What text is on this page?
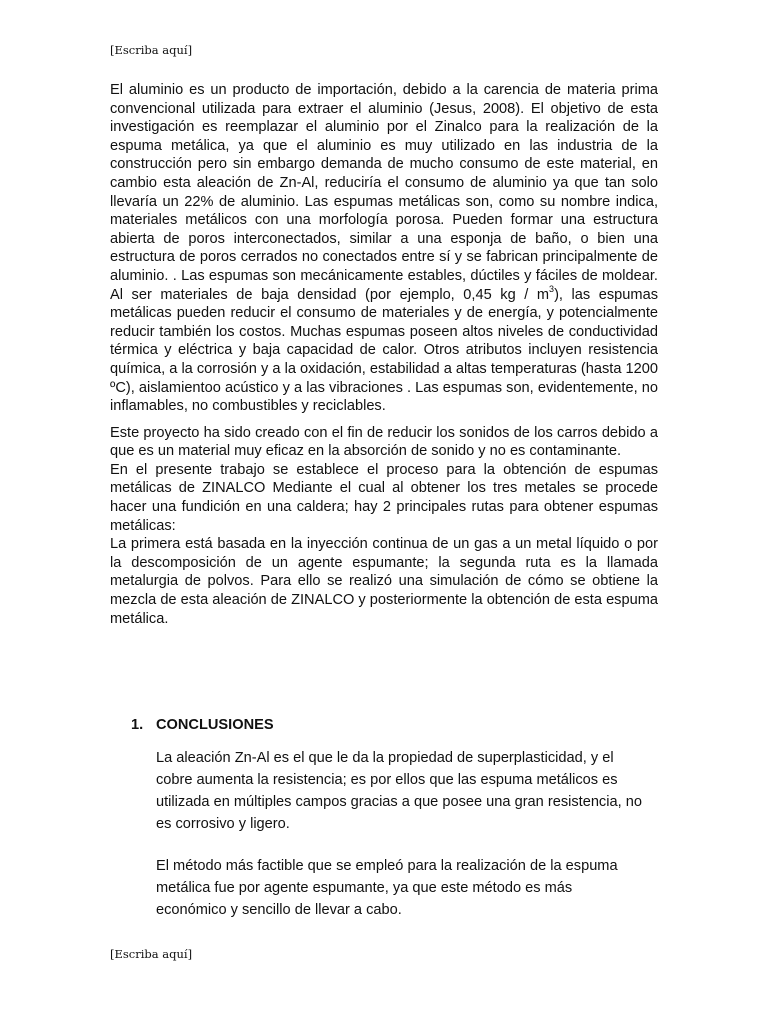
[Escriba aquí]

El aluminio es un producto de importación, debido a la carencia de materia prima convencional utilizada para extraer el aluminio (Jesus, 2008). El objetivo de esta investigación es reemplazar el aluminio por el Zinalco para la realización de la espuma metálica, ya que el aluminio es muy utilizado en las industria de la construcción pero sin embargo demanda de mucho consumo de este material, en cambio esta aleación de Zn-Al, reduciría el consumo de aluminio ya que tan solo llevaría un 22% de aluminio. Las espumas metálicas son, como su nombre indica, materiales metálicos con una morfología porosa. Pueden formar una estructura abierta de poros interconectados, similar a una esponja de baño, o bien una estructura de poros cerrados no conectados entre sí y se fabrican principalmente de aluminio. . Las espumas son mecánicamente estables, dúctiles y fáciles de moldear. Al ser materiales de baja densidad (por ejemplo, 0,45 kg / $m^3$), las espumas metálicas pueden reducir el consumo de materiales y de energía, y potencialmente reducir también los costos. Muchas espumas poseen altos niveles de conductividad térmica y eléctrica y baja capacidad de calor. Otros atributos incluyen resistencia química, a la corrosión y a la oxidación, estabilidad a altas temperaturas (hasta 1200 ºC), aislamientoo acústico y a las vibraciones . Las espumas son, evidentemente, no inflamables, no combustibles y reciclables.

Este proyecto ha sido creado con el fin de reducir los sonidos de los carros debido a que es un material muy eficaz en la absorción de sonido y no es contaminante.

En el presente trabajo se establece el proceso para la obtención de espumas metálicas de ZINALCO Mediante el cual al obtener los tres metales se procede hacer una fundición en una caldera; hay 2 principales rutas para obtener espumas metálicas:

La primera está basada en la inyección continua de un gas a un metal líquido o por la descomposición de un agente espumante; la segunda ruta es la llamada metalurgia de polvos. Para ello se realizó una simulación de cómo se obtiene la mezcla de esta aleación de ZINALCO y posteriormente la obtención de esta espuma metálica.

1. CONCLUSIONES
La aleación Zn-Al es el que le da la propiedad de superplasticidad, y el cobre aumenta la resistencia; es por ellos que las espuma metálicos es utilizada en múltiples campos gracias a que posee una gran resistencia, no es corrosivo y ligero.
El método más factible que se empleó para la realización de la espuma metálica fue por agente espumante, ya que este método es más económico y sencillo de llevar a cabo.
[Escriba aquí]
